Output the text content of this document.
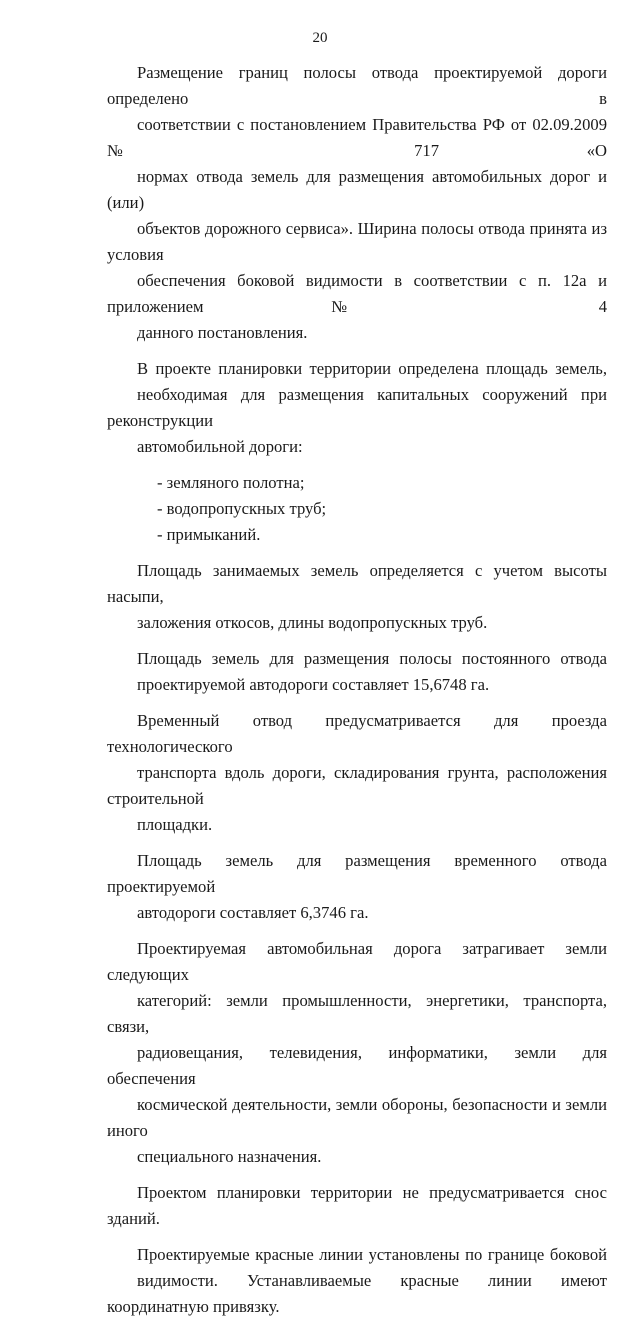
20

Размещение границ полосы отвода проектируемой дороги определено в
соответствии с постановлением Правительства РФ от 02.09.2009 № 717 «О
нормах отвода земель для размещения автомобильных дорог и (или)
объектов дорожного сервиса». Ширина полосы отвода принята из условия
обеспечения боковой видимости в соответствии с п. 12а и приложением № 4
данного постановления.

В проекте планировки территории определена площадь земель,
необходимая для размещения капитальных сооружений при реконструкции
автомобильной дороги:

- земляного полотна;
- водопропускных труб;
- примыканий.

Площадь занимаемых земель определяется с учетом высоты насыпи,
заложения откосов, длины водопропускных труб.

Площадь земель для размещения полосы постоянного отвода
проектируемой автодороги составляет 15,6748 га.

Временный отвод предусматривается для проезда технологического
транспорта вдоль дороги, складирования грунта, расположения строительной
площадки.

Площадь земель для размещения временного отвода проектируемой
автодороги составляет 6,3746 га.

Проектируемая автомобильная дорога затрагивает земли следующих
категорий: земли промышленности, энергетики, транспорта, связи,
радиовещания, телевидения, информатики, земли для обеспечения
космической деятельности, земли обороны, безопасности и земли иного
специального назначения.

Проектом планировки территории не предусматривается снос зданий.

Проектируемые красные линии установлены по границе боковой
видимости. Устанавливаемые красные линии имеют координатную привязку.
